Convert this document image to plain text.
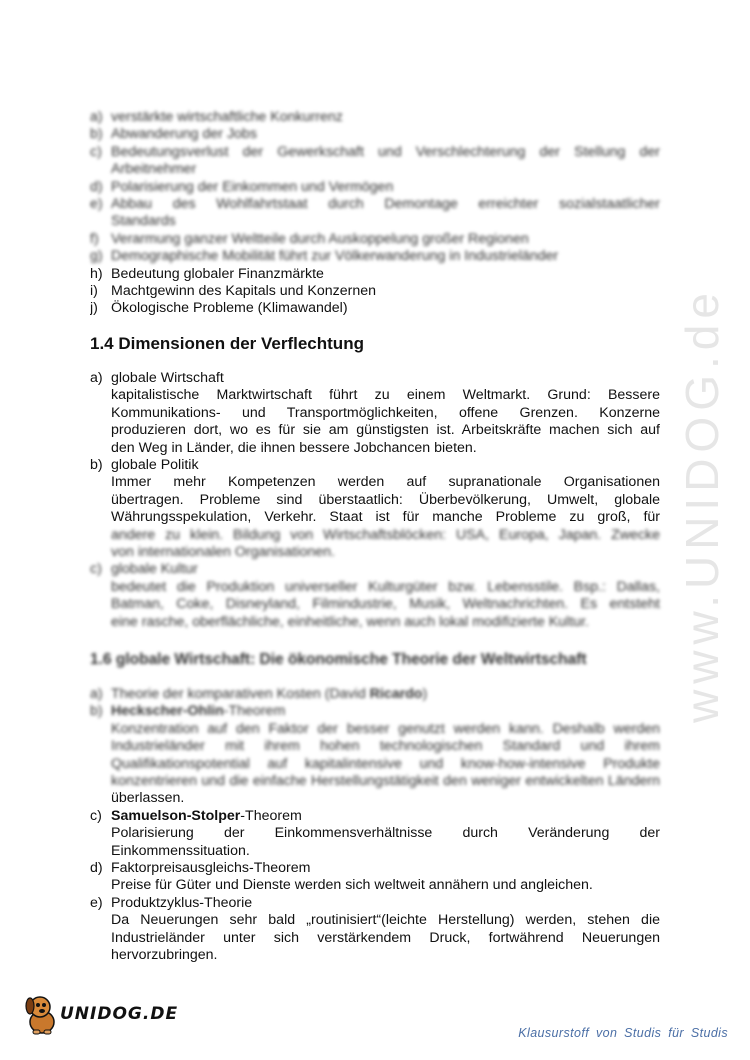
a) verstärkte wirtschaftliche Konkurrenz
b) Abwanderung der Jobs
c) Bedeutungsverlust der Gewerkschaft und Verschlechterung der Stellung der
Arbeitnehmer
d) Polarisierung der Einkommen und Vermögen
e) Abbau des Wohlfahrtstaat durch Demontage erreichter sozialstaatlicher
Standards
f) Verarmung ganzer Weltteile durch Auskoppelung großer Regionen
g) Demographische Mobilität führt zur Völkerwanderung in Industrieländer
h) Bedeutung globaler Finanzmärkte
i) Machtgewinn des Kapitals und Konzernen
j) Ökologische Probleme (Klimawandel)
1.4 Dimensionen der Verflechtung
a) globale Wirtschaft
kapitalistische Marktwirtschaft führt zu einem Weltmarkt. Grund: Bessere
Kommunikations- und Transportmöglichkeiten, offene Grenzen. Konzerne
produzieren dort, wo es für sie am günstigsten ist. Arbeitskräfte machen sich auf
den Weg in Länder, die ihnen bessere Jobchancen bieten.
b) globale Politik
Immer mehr Kompetenzen werden auf supranationale Organisationen
übertragen. Probleme sind überstaatlich: Überbevölkerung, Umwelt, globale
Währungsspekulation, Verkehr. Staat ist für manche Probleme zu groß, für
andere zu klein. Bildung von Wirtschaftsblöcken: USA, Europa, Japan. Zwecke
von internationalen Organisationen.
c) globale Kultur
bedeutet die Produktion universeller Kulturgüter bzw. Lebensstile. Bsp.: Dallas,
Batman, Coke, Disneyland, Filmindustrie, Musik, Weltnachrichten. Es entsteht
eine rasche, oberflächliche, einheitliche, wenn auch lokal modifizierte Kultur.
1.6 globale Wirtschaft: Die ökonomische Theorie der Weltwirtschaft
a) Theorie der komparativen Kosten (David Ricardo)
b) Heckscher-Ohlin-Theorem
Konzentration auf den Faktor der besser genutzt werden kann. Deshalb werden
Industrieländer mit ihrem hohen technologischen Standard und ihrem
Qualifikationspotential auf kapitalintensive und know-how-intensive Produkte
konzentrieren und die einfache Herstellungstätigkeit den weniger entwickelten Ländern
überlassen.
c) Samuelson-Stolper-Theorem
Polarisierung der Einkommensverhältnisse durch Veränderung der
Einkommenssituation.
d) Faktorpreisausgleichs-Theorem
Preise für Güter und Dienste werden sich weltweit annähern und angleichen.
e) Produktzyklus-Theorie
Da Neuerungen sehr bald „routinisiert“(leichte Herstellung) werden, stehen die
Industrieländer unter sich verstärkendem Druck, fortwährend Neuerungen
hervorzubringen.
www.UNIDOG.de
UNIDOG.DE
Klausurstoff von Studis für Studis
